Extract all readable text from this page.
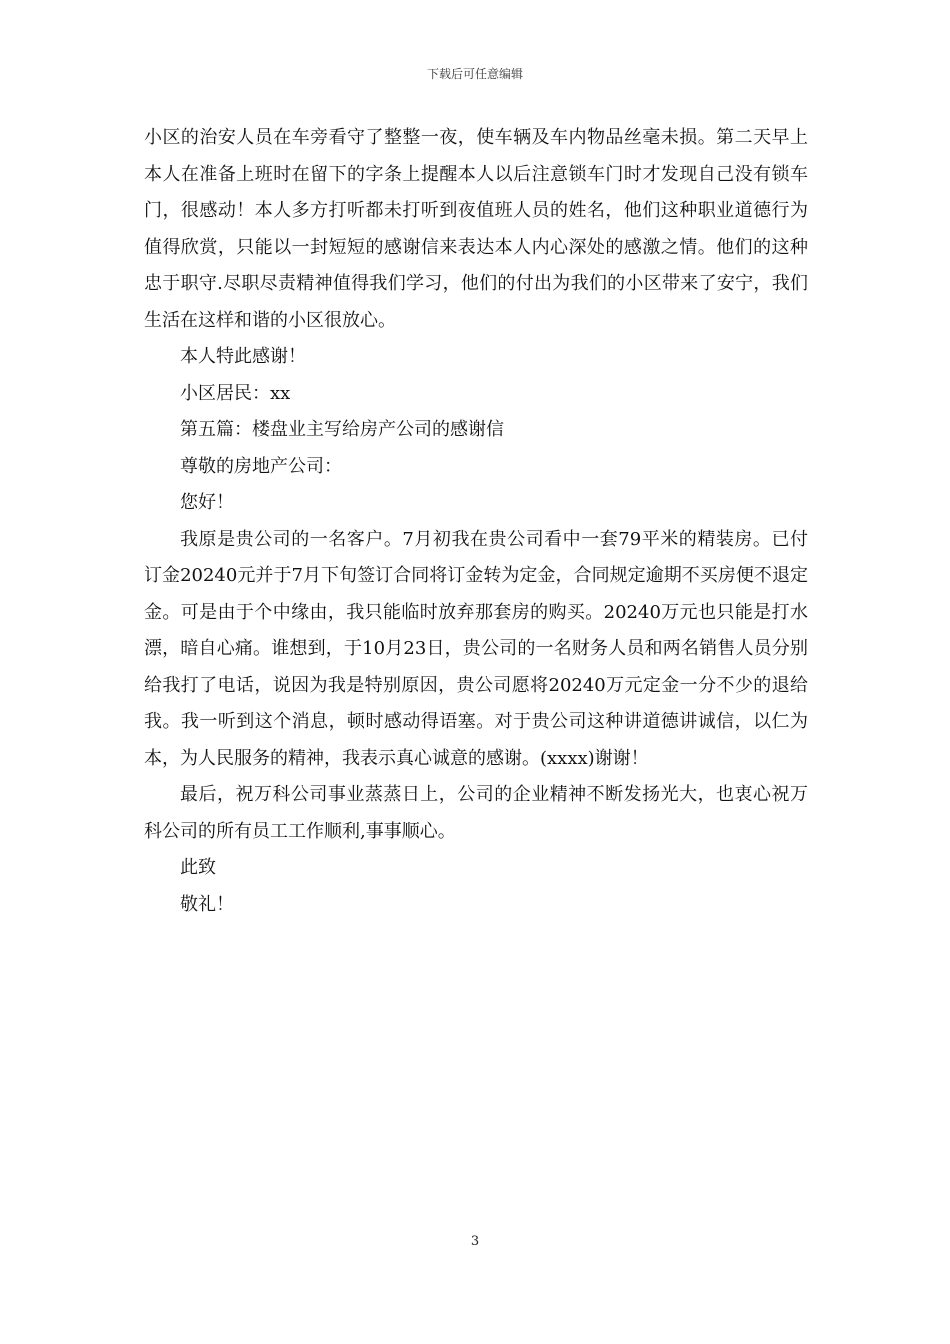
下载后可任意编辑

小区的治安人员在车旁看守了整整一夜，使车辆及车内物品丝毫未损。第二天早上本人在准备上班时在留下的字条上提醒本人以后注意锁车门时才发现自己没有锁车门，很感动！本人多方打听都未打听到夜值班人员的姓名，他们这种职业道德行为值得欣赏，只能以一封短短的感谢信来表达本人内心深处的感激之情。他们的这种忠于职守.尽职尽责精神值得我们学习，他们的付出为我们的小区带来了安宁，我们生活在这样和谐的小区很放心。

本人特此感谢！

小区居民：xx

第五篇：楼盘业主写给房产公司的感谢信

尊敬的房地产公司：

您好！

我原是贵公司的一名客户。7月初我在贵公司看中一套79平米的精装房。已付订金20240元并于7月下旬签订合同将订金转为定金，合同规定逾期不买房便不退定金。可是由于个中缘由，我只能临时放弃那套房的购买。20240万元也只能是打水漂，暗自心痛。谁想到，于10月23日，贵公司的一名财务人员和两名销售人员分别给我打了电话，说因为我是特别原因，贵公司愿将20240万元定金一分不少的退给我。我一听到这个消息，顿时感动得语塞。对于贵公司这种讲道德讲诚信，以仁为本，为人民服务的精神，我表示真心诚意的感谢。(xxxx)谢谢！

最后，祝万科公司事业蒸蒸日上，公司的企业精神不断发扬光大，也衷心祝万科公司的所有员工工作顺利,事事顺心。

此致

敬礼！

3
